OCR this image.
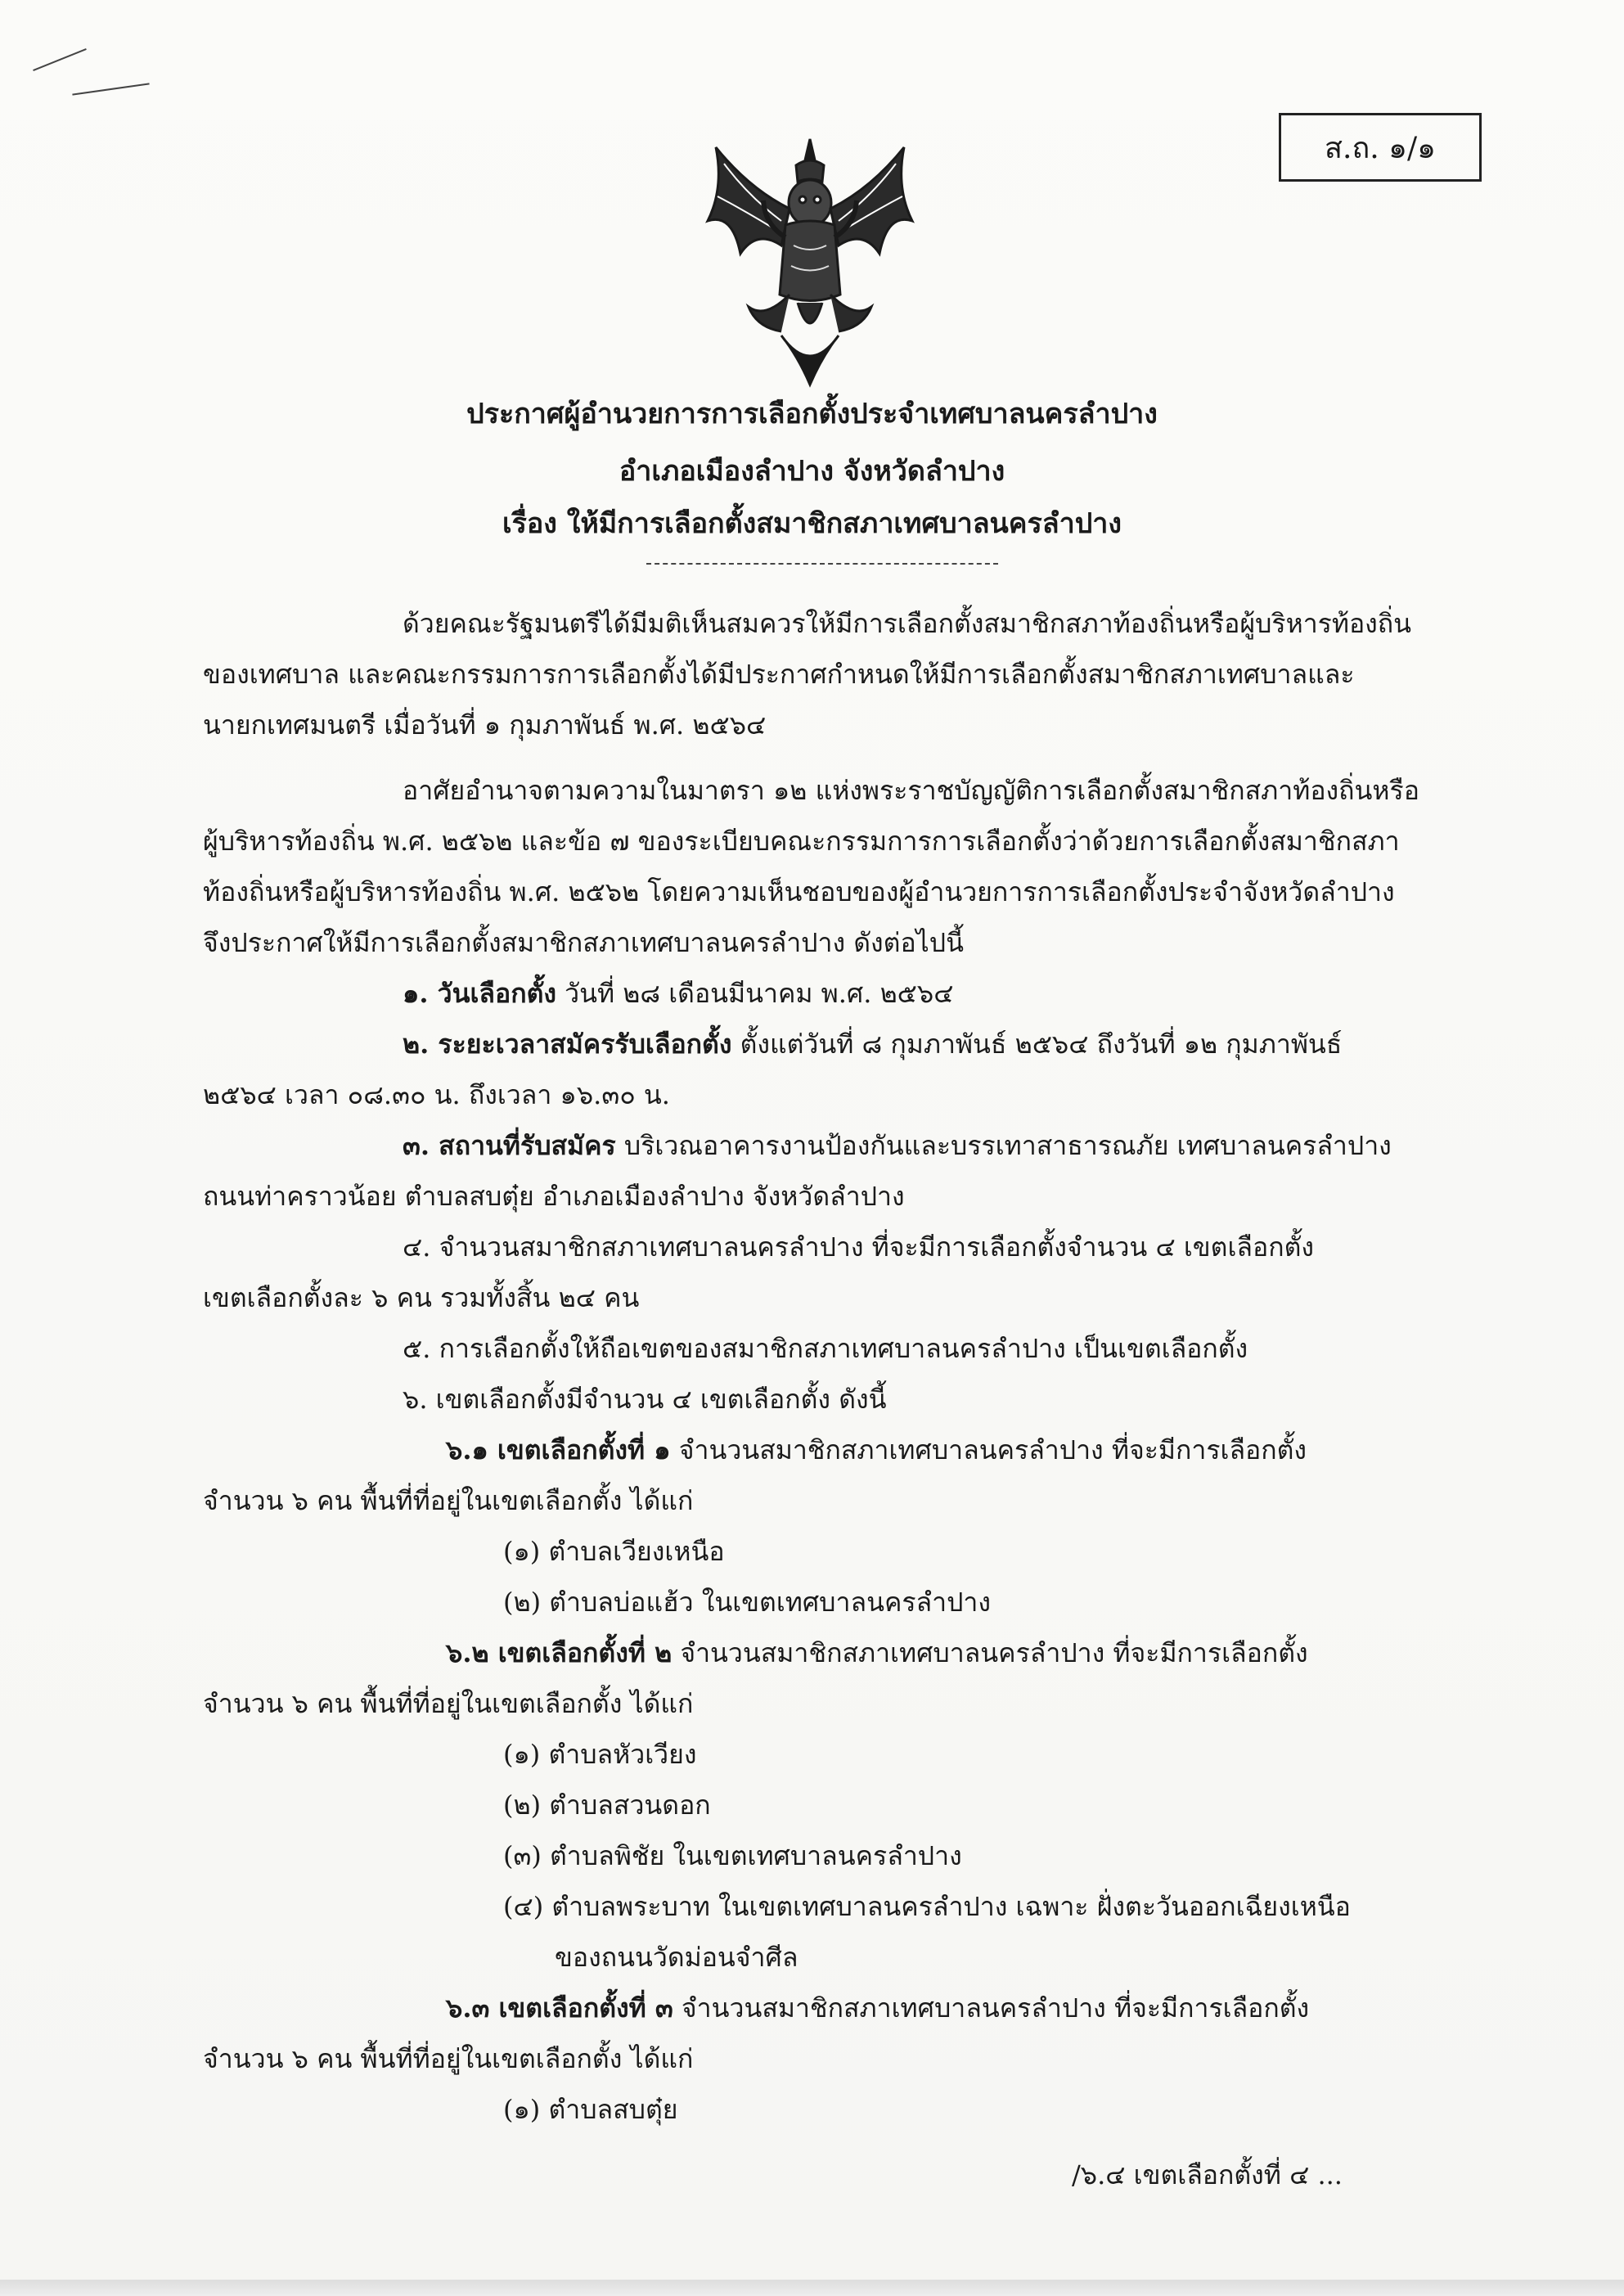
ส.ถ. ๑/๑
ประกาศผู้อำนวยการการเลือกตั้งประจำเทศบาลนครลำปาง
อำเภอเมืองลำปาง จังหวัดลำปาง
เรื่อง ให้มีการเลือกตั้งสมาชิกสภาเทศบาลนครลำปาง
ด้วยคณะรัฐมนตรีได้มีมติเห็นสมควรให้มีการเลือกตั้งสมาชิกสภาท้องถิ่นหรือผู้บริหารท้องถิ่น
ของเทศบาล และคณะกรรมการการเลือกตั้งได้มีประกาศกำหนดให้มีการเลือกตั้งสมาชิกสภาเทศบาลและ
นายกเทศมนตรี เมื่อวันที่ ๑ กุมภาพันธ์ พ.ศ. ๒๕๖๔
อาศัยอำนาจตามความในมาตรา ๑๒ แห่งพระราชบัญญัติการเลือกตั้งสมาชิกสภาท้องถิ่นหรือ
ผู้บริหารท้องถิ่น พ.ศ. ๒๕๖๒ และข้อ ๗ ของระเบียบคณะกรรมการการเลือกตั้งว่าด้วยการเลือกตั้งสมาชิกสภา
ท้องถิ่นหรือผู้บริหารท้องถิ่น พ.ศ. ๒๕๖๒ โดยความเห็นชอบของผู้อำนวยการการเลือกตั้งประจำจังหวัดลำปาง
จึงประกาศให้มีการเลือกตั้งสมาชิกสภาเทศบาลนครลำปาง ดังต่อไปนี้
๑. วันเลือกตั้ง วันที่ ๒๘ เดือนมีนาคม พ.ศ. ๒๕๖๔
๒. ระยะเวลาสมัครรับเลือกตั้ง ตั้งแต่วันที่ ๘ กุมภาพันธ์ ๒๕๖๔ ถึงวันที่ ๑๒ กุมภาพันธ์
๒๕๖๔ เวลา ๐๘.๓๐ น. ถึงเวลา ๑๖.๓๐ น.
๓. สถานที่รับสมัคร บริเวณอาคารงานป้องกันและบรรเทาสาธารณภัย เทศบาลนครลำปาง
ถนนท่าคราวน้อย ตำบลสบตุ๋ย อำเภอเมืองลำปาง จังหวัดลำปาง
๔. จำนวนสมาชิกสภาเทศบาลนครลำปาง ที่จะมีการเลือกตั้งจำนวน ๔ เขตเลือกตั้ง
เขตเลือกตั้งละ ๖ คน รวมทั้งสิ้น ๒๔ คน
๕. การเลือกตั้งให้ถือเขตของสมาชิกสภาเทศบาลนครลำปาง เป็นเขตเลือกตั้ง
๖. เขตเลือกตั้งมีจำนวน ๔ เขตเลือกตั้ง ดังนี้
๖.๑ เขตเลือกตั้งที่ ๑ จำนวนสมาชิกสภาเทศบาลนครลำปาง ที่จะมีการเลือกตั้ง
จำนวน ๖ คน พื้นที่ที่อยู่ในเขตเลือกตั้ง ได้แก่
(๑) ตำบลเวียงเหนือ
(๒) ตำบลบ่อแฮ้ว ในเขตเทศบาลนครลำปาง
๖.๒ เขตเลือกตั้งที่ ๒ จำนวนสมาชิกสภาเทศบาลนครลำปาง ที่จะมีการเลือกตั้ง
จำนวน ๖ คน พื้นที่ที่อยู่ในเขตเลือกตั้ง ได้แก่
(๑) ตำบลหัวเวียง
(๒) ตำบลสวนดอก
(๓) ตำบลพิชัย ในเขตเทศบาลนครลำปาง
(๔) ตำบลพระบาท ในเขตเทศบาลนครลำปาง เฉพาะ ฝั่งตะวันออกเฉียงเหนือ
ของถนนวัดม่อนจำศีล
๖.๓ เขตเลือกตั้งที่ ๓ จำนวนสมาชิกสภาเทศบาลนครลำปาง ที่จะมีการเลือกตั้ง
จำนวน ๖ คน พื้นที่ที่อยู่ในเขตเลือกตั้ง ได้แก่
(๑) ตำบลสบตุ๋ย
/๖.๔ เขตเลือกตั้งที่ ๔ ...
